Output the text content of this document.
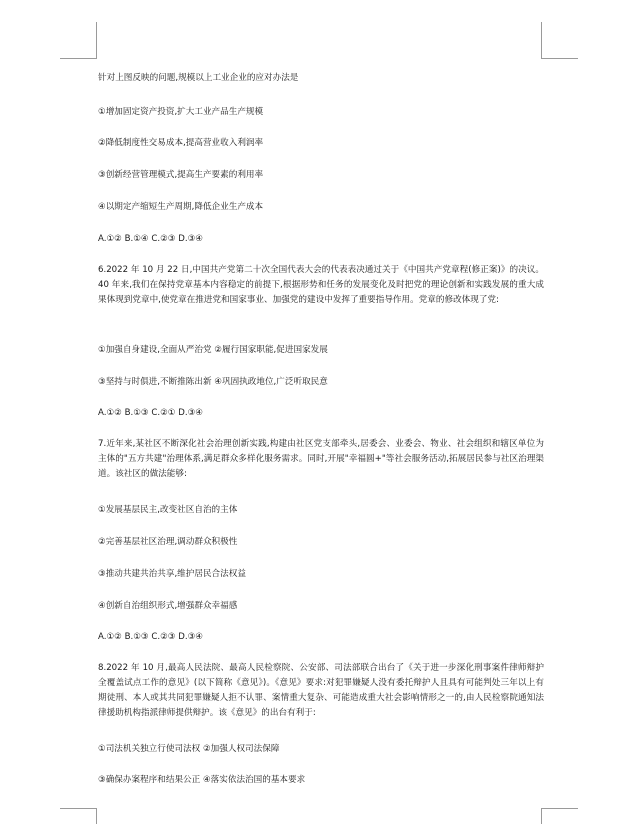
针对上图反映的问题,规模以上工业企业的应对办法是
①增加固定资产投资,扩大工业产品生产规模
②降低制度性交易成本,提高营业收入利润率
③创新经营管理模式,提高生产要素的利用率
④以期定产缩短生产周期,降低企业生产成本
A.①② B.①④ C.②③ D.③④
6.2022 年 10 月 22 日,中国共产党第二十次全国代表大会的代表表决通过关于《中国共产党章程(修正案)》的决议。40 年来,我们在保持党章基本内容稳定的前提下,根据形势和任务的发展变化及时把党的理论创新和实践发展的重大成果体现到党章中,使党章在推进党和国家事业、加强党的建设中发挥了重要指导作用。党章的修改体现了党:
①加强自身建设,全面从严治党 ②履行国家职能,促进国家发展
③坚持与时俱进,不断推陈出新 ④巩固执政地位,广泛听取民意
A.①② B.①③ C.②① D.③④
7.近年来,某社区不断深化社会治理创新实践,构建由社区党支部牵头,居委会、业委会、物业、社会组织和辖区单位为主体的"五方共建"治理体系,满足群众多样化服务需求。同时,开展"幸福圆+"等社会服务活动,拓展居民参与社区治理渠道。该社区的做法能够:
①发展基层民主,改变社区自治的主体
②完善基层社区治理,调动群众积极性
③推动共建共治共享,维护居民合法权益
④创新自治组织形式,增强群众幸福感
A.①② B.①③ C.②③ D.③④
8.2022 年 10 月,最高人民法院、最高人民检察院、公安部、司法部联合出台了《关于进一步深化刑事案件律师辩护全覆盖试点工作的意见》(以下简称《意见》)。《意见》要求:对犯罪嫌疑人没有委托辩护人且具有可能判处三年以上有期徒刑、本人或其共同犯罪嫌疑人拒不认罪、案情重大复杂、可能造成重大社会影响情形之一的,由人民检察院通知法律援助机构指派律师提供辩护。该《意见》的出台有利于:
①司法机关独立行使司法权 ②加强人权司法保障
③确保办案程序和结果公正 ④落实依法治国的基本要求
